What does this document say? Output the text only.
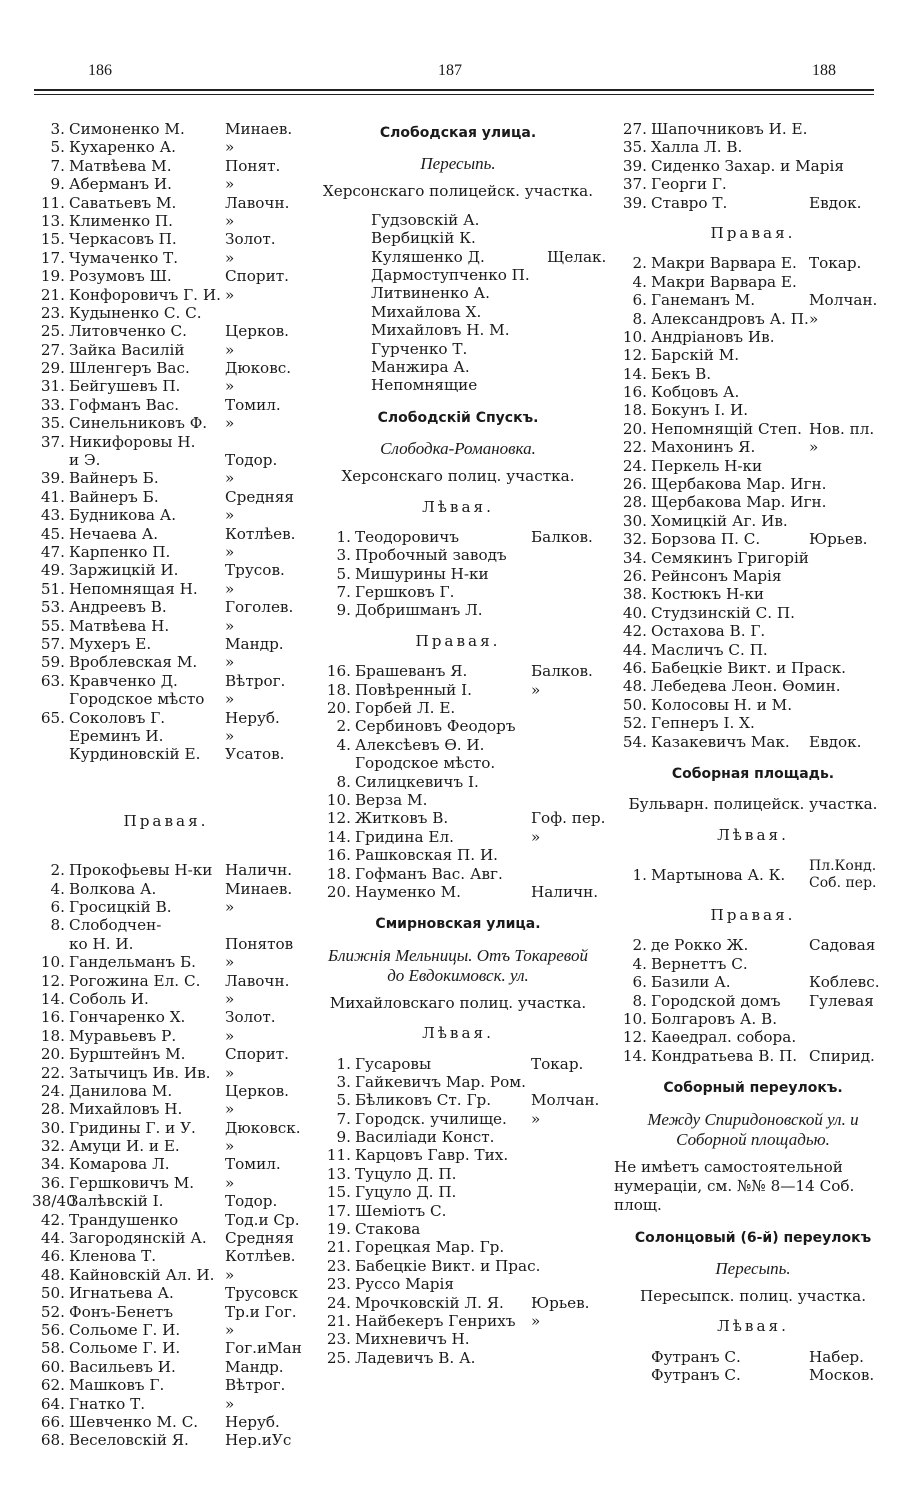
186	187	188
3. Симоненко М.	Минаев.
5. Кухаренко А.	»
7. Матвѣева М.	Понят.
9. Аберманъ И.	»
11. Саватьевъ М.	Лавочн.
13. Клименко П.	»
15. Черкасовъ П.	Золот.
17. Чумаченко Т.	»
19. Розумовъ Ш.	Спорит.
21. Конфоровичъ Г. И. »
23. Кудыненко С. С.
25. Литовченко С.	Церков.
27. Зайка Василій	»
29. Шленгеръ Вас.	Дюковс.
31. Бейгушевъ П.	»
33. Гофманъ Вас.	Томил.
35. Синельниковъ Ф.	»
37. Никифоровы Н.
и Э.	Тодор.
39. Вайнеръ Б.	»
41. Вайнеръ Б.	Средняя
43. Будникова А.	»
45. Нечаева А.	Котлѣев.
47. Карпенко П.	»
49. Заржицкій И.	Трусов.
51. Непомнящая Н.	»
53. Андреевъ В.	Гоголев.
55. Матвѣева Н.	»
57. Мухеръ Е.	Мандр.
59. Вроблевская М.	»
63. Кравченко Д.	Вѣтрог.
Городское мѣсто	»
65. Соколовъ Г.	Неруб.
Ереминъ И.	»
Курдиновскій Е.	Усатов.
Правая.
2. Прокофьевы Н-ки Наличн.
4. Волкова А.	Минаев.
6. Гросицкій В.	»
8. Слободчен-
ко Н. И.	Понятов
10. Гандельманъ Б.	»
12. Рогожина Ел. С.	Лавочн.
14. Соболь И.	»
16. Гончаренко Х.	Золот.
18. Муравьевъ Р.	»
20. Бурштейнъ М.	Спорит.
22. Затычицъ Ив. Ив. »
24. Данилова М.	Церков.
28. Михайловъ Н.	»
30. Гридины Г. и У.	Дюковск.
32. Амуци И. и Е.	»
34. Комарова Л.	Томил.
36. Гершковичъ М.	»
38/40
Залѣвскій І.	Тодор.
42. Трандушенко	Тод.и Ср.
44. Загородянскій А.	Средняя
46. Кленова Т.	Котлѣев.
48. Кайновскій Ал. И. »
50. Игнатьева А.	Трусовск
52. Фонъ-Бенетъ	Тр.и Гог.
56. Сольоме Г. И.	»
58. Сольоме Г. И.	Гог.иМан
60. Васильевъ И.	Мандр.
62. Машковъ Г.	Вѣтрог.
64. Гнатко Т.	»
66. Шевченко М. С.	Неруб.
68. Веселовскій Я.	Нер.иУс
Слободская улица.
Пересыпь.
Херсонскаго полицейск. участка.
Гудзовскій А.
Вербицкій К.
Куляшенко Д.	Щелак.
Дармоступченко П.
Литвиненко А.
Михайлова Х.
Михайловъ Н. М.
Гурченко Т.
Манжира А.
Непомнящие
Слободскій Спускъ.
Слободка-Романовка.
Херсонскаго полиц. участка.
Лѣвая.
1. Теодоровичъ	Балков.
3. Пробочный заводъ
5. Мишурины Н-ки
7. Гершковъ Г.
9. Добришманъ Л.
Правая.
16. Брашеванъ Я.	Балков.
18. Повѣренный І.	»
20. Горбей Л. Е.
2. Сербиновъ Феодоръ
4. Алексѣевъ Ѳ. И.
Городское мѣсто.
8. Силицкевичъ І.
10. Верза М.
12. Житковъ В.	Гоф. пер.
14. Гридина Ел.	»
16. Рашковская П. И.
18. Гофманъ Вас. Авг.
20. Науменко М.	Наличн.
Смирновская улица.
Ближнія Мельницы. Отъ Токаревой до Евдокимовск. ул.
Михайловскаго полиц. участка.
Лѣвая.
1. Гусаровы	Токар.
3. Гайкевичъ Мар. Ром.
5. Бѣликовъ Ст. Гр.	Молчан.
7. Городск. училище.	»
9. Василіади Конст.
11. Карцовъ Гавр. Тих.
13. Туцуло Д. П.
15. Гуцуло Д. П.
17. Шеміотъ С.
19. Стакова
21. Горецкая Мар. Гр.
23. Бабецкіе Викт. и Прас.
23. Руссо Марія
24. Мрочковскій Л. Я.	Юрьев.
21. Найбекеръ Генрихъ	»
23. Михневичъ Н.
25. Ладевичъ В. А.
27. Шапочниковъ И. Е.
35. Халла Л. В.
39. Сиденко Захар. и Марія
37. Георги Г.
39. Ставро Т.	Евдок.
Правая.
2. Макри Варвара Е. Токар.
4. Макри Варвара Е.
6. Ганеманъ М.	Молчан.
8. Александровъ А. П. »
10. Андріановъ Ив.
12. Барскій М.
14. Бекъ В.
16. Кобцовъ А.
18. Бокунъ I. И.
20. Непомнящій Степ. Нов. пл.
22. Махонинъ Я.	»
24. Перкель Н-ки
26. Щербакова Мар. Игн.
28. Щербакова Мар. Игн.
30. Хомицкій Аг. Ив.
32. Борзова П. С.	Юрьев.
34. Семякинъ Григорій
26. Рейнсонъ Марія
38. Костюкъ Н-ки
40. Студзинскій С. П.
42. Остахова В. Г.
44. Масличъ С. П.
46. Бабецкіе Викт. и Праск.
48. Лебедева Леон. Ѳомин.
50. Колосовы Н. и М.
52. Гепнеръ І. Х.
54. Казакевичъ Мак.	Евдок.
Соборная площадь.
Бульварн. полицейск. участка.
Лѣвая.
1. Мартынова А. К.	Пл.Конд.
Соб. пер.
Правая.
2. де Рокко Ж.	Садовая
4. Вернеттъ С.
6. Базили А.	Коблевс.
8. Городской домъ	Гулевая
10. Болгаровъ А. В.
12. Каѳедрал. собора.
14. Кондратьева В. П. Спирид.
Соборный переулокъ.
Между Спиридоновской ул. и Соборной площадью.
Не имѣетъ самостоятельной нумераціи, см. №№ 8—14 Соб. площ.
Солонцовый (6-й) переулокъ
Пересыпь.
Пересыпск. полиц. участка.
Лѣвая.
Футранъ С.	Набер.
Футранъ С.	Москов.
